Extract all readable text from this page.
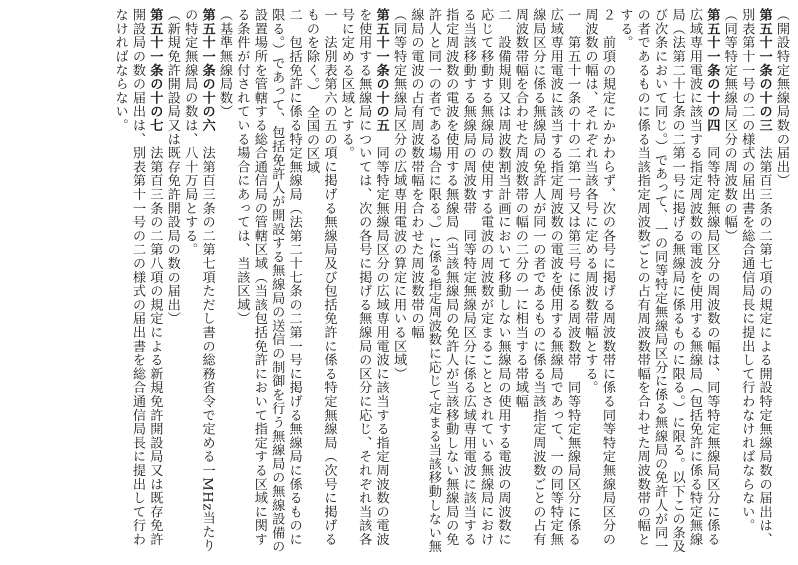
（開設特定無線局数の届出）

第五十一条の十の三　法第百三条の二第七項の規定による開設特定無線局数の届出は、別表第十一号の二の様式の届出書を総合通信局長に提出して行わなければならない。

（同等特定無線局区分の周波数の幅）

第五十一条の十の四　同等特定無線局区分の周波数の幅は、同等特定無線局区分に係る広域専用電波に該当する指定周波数の電波を使用する無線局（包括免許に係る特定無線局（法第二十七条の二第一号に掲げる無線局に係るものに限る。）に限る。以下この条及び次条において同じ。）であって、一の同等特定無線局区分に係る無線局の免許人が同一の者であるものに係る当該指定周波数ごとの占有周波数帯幅を合わせた周波数帯の幅とする。

２　前項の規定にかかわらず、次の各号に掲げる周波数帯に係る同等特定無線局区分の周波数の幅は、それぞれ当該各号に定める周波数帯幅とする。

一　第五十一条の十の二第一号又は第三号に係る周波数帯　同等特定無線局区分に係る広域専用電波に該当する指定周波数の電波を使用する無線局であって、一の同等特定無線局区分に係る無線局の免許人が同一の者であるものに係る当該指定周波数ごとの占有周波数帯幅を合わせた周波数帯の幅の二分の一に相当する帯域幅

二　設備規則又は周波数割当計画において移動しない無線局の使用する電波の周波数に応じて移動する無線局の使用する電波の周波数が定まることとされている無線局における当該移動する無線局の周波数帯　同等特定無線局区分に係る広域専用電波に該当する指定周波数の電波を使用する無線局（当該無線局の免許人が当該移動しない無線局の免許人と同一の者である場合に限る。）に係る指定周波数に応じて定まる当該移動しない無線局の電波の占有周波数帯幅を合わせた周波数帯の幅

（同等特定無線局区分の広域専用電波の算定に用いる区域）

第五十一条の十の五　同等特定無線局区分の広域専用電波に該当する指定周波数の電波を使用する無線局については、次の各号に掲げる無線局の区分に応じ、それぞれ当該各号に定める区域とする。

一　法別表第六の五の項に掲げる無線局及び包括免許に係る特定無線局（次号に掲げるものを除く。）　全国の区域

二　包括免許に係る特定無線局（法第二十七条の二第一号に掲げる無線局に係るものに限る。）であって、包括免許人が開設する無線局の送信の制御を行う無線局の無線設備の設置場所を管轄する総合通信局の管轄区域（当該包括免許において指定する区域に関する条件が付されている場合にあっては、当該区域）

（基準無線局数）

第五十一条の十の六　法第百三条の二第七項ただし書の総務省令で定める一MHz当たりの特定無線局の数は、八十万局とする。

（新規免許開設局又は既存免許開設局の数の届出）

第五十一条の十の七　法第百三条の二第八項の規定による新規免許開設局又は既存免許開設局の数の届出は、別表第十一号の二の様式の届出書を総合通信局長に提出して行わなければならない。
